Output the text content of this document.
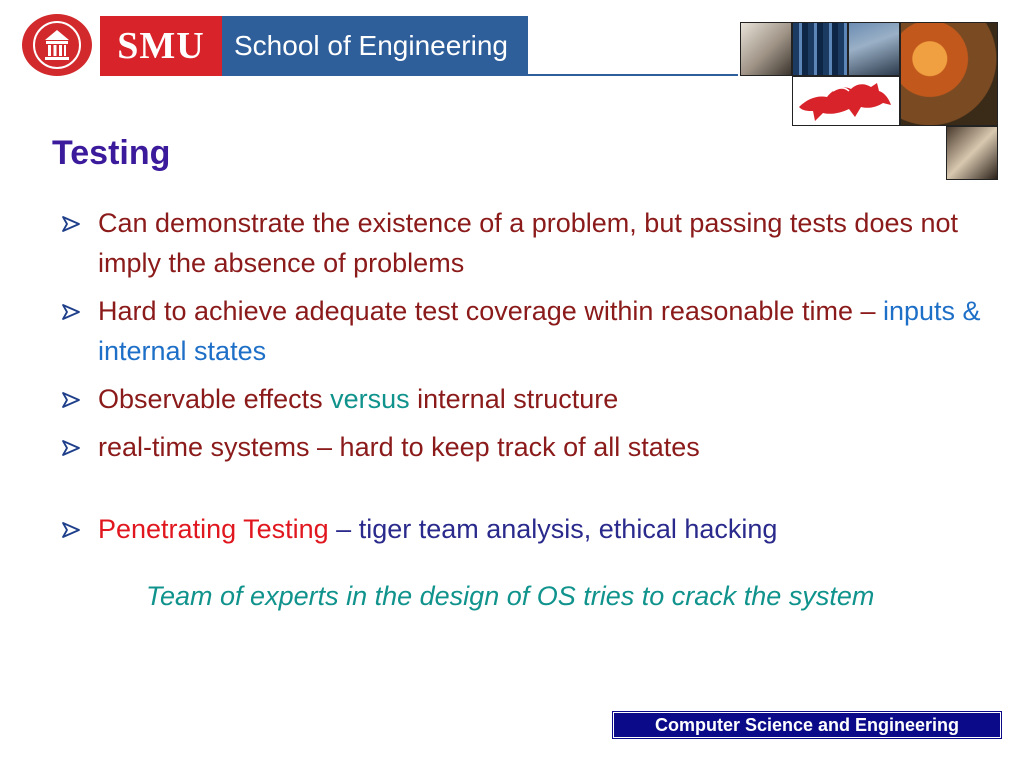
SMU	School of Engineering
Testing
Can demonstrate the existence of a problem, but passing tests does not imply the absence of problems
Hard to achieve adequate test coverage within reasonable time – inputs & internal states
Observable effects versus internal structure
real-time systems – hard to keep track of all states
Penetrating Testing – tiger team analysis, ethical hacking
Team of experts in the design of OS tries to crack the system
Computer Science and Engineering
